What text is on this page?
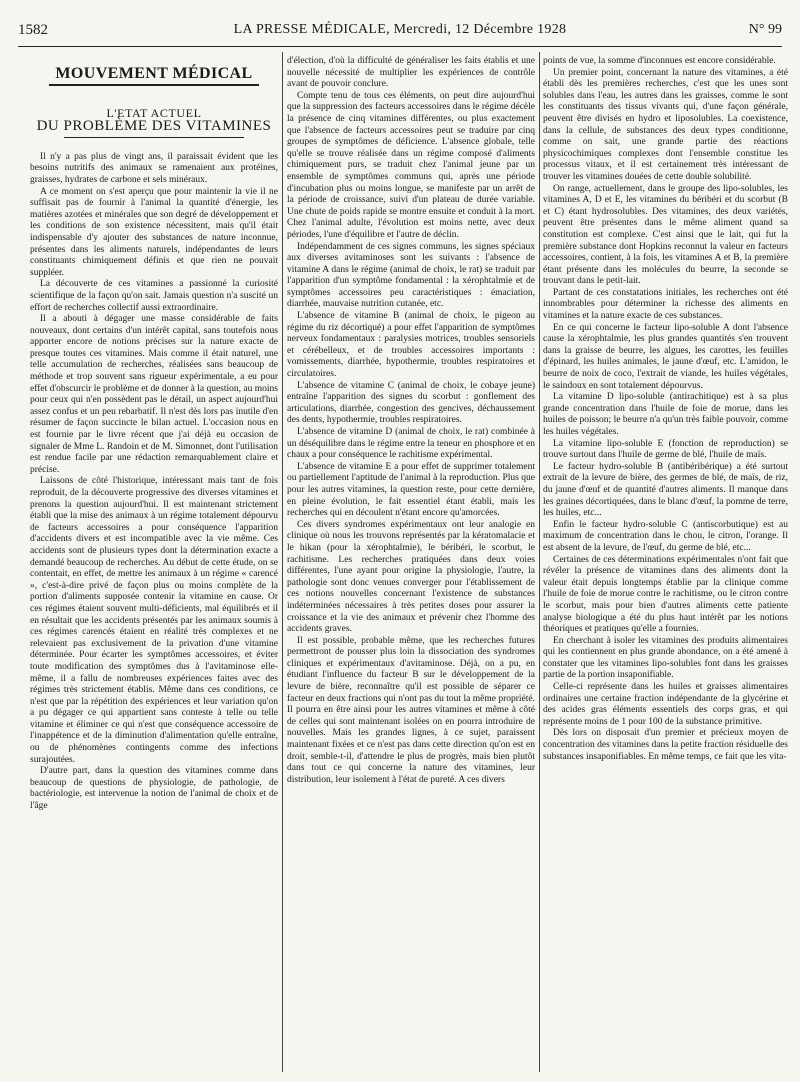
1582	LA PRESSE MÉDICALE, Mercredi, 12 Décembre 1928	N° 99
MOUVEMENT MÉDICAL
L'ETAT ACTUEL
DU PROBLÈME DES VITAMINES

Il n'y a pas plus de vingt ans, il paraissait évident que les besoins nutritifs des animaux se ramenaient aux protéines, graisses, hydrates de carbone et sels minéraux.

A ce moment on s'est aperçu que pour maintenir la vie il ne suffisait pas de fournir à l'animal la quantité d'énergie, les matières azotées et minérales que son degré de développement et les conditions de son existence nécessitent, mais qu'il était indispensable d'y ajouter des substances de nature inconnue, présentes dans les aliments naturels, indépendantes de leurs constituants chimiquement définis et que rien ne pouvait suppléer.

La découverte de ces vitamines a passionné la curiosité scientifique de la façon qu'on sait. Jamais question n'a suscité un effort de recherches collectif aussi extraordinaire.

Il a abouti à dégager une masse considérable de faits nouveaux, dont certains d'un intérêt capital, sans toutefois nous apporter encore de notions précises sur la nature exacte de presque toutes ces vitamines. Mais comme il était naturel, une telle accumulation de recherches, réalisées sans beaucoup de méthode et trop souvent sans rigueur expérimentale, a eu pour effet d'obscurcir le problème et de donner à la question, au moins pour ceux qui n'en possèdent pas le détail, un aspect aujourd'hui assez confus et un peu rebarbatif. Il n'est dès lors pas inutile d'en résumer de façon succincte le bilan actuel. L'occasion nous en est fournie par le livre récent que j'ai déjà eu occasion de signaler de Mme L. Randoin et de M. Simonnet, dont l'utilisation est rendue facile par une rédaction remarquablement claire et précise.

Laissons de côté l'historique, intéressant mais tant de fois reproduit, de la découverte progressive des diverses vitamines et prenons la question aujourd'hui. Il est maintenant strictement établi que la mise des animaux à un régime totalement dépourvu de facteurs accessoires a pour conséquence l'apparition d'accidents divers et est incompatible avec la vie même. Ces accidents sont de plusieurs types dont la détermination exacte a demandé beaucoup de recherches. Au début de cette étude, on se contentait, en effet, de mettre les animaux à un régime « carencé », c'est-à-dire privé de façon plus ou moins complète de la portion d'aliments supposée contenir la vitamine en cause. Or ces régimes étaient souvent multi-déficients, mal équilibrés et il en résultait que les accidents présentés par les animaux soumis à ces régimes carencés étaient en réalité très complexes et ne relevaient pas exclusivement de la privation d'une vitamine déterminée. Pour écarter les symptômes accessoires, et éviter toute modification des symptômes dus à l'avitaminose elle-même, il a fallu de nombreuses expériences faites avec des régimes très strictement établis. Même dans ces conditions, ce n'est que par la répétition des expériences et leur variation qu'on a pu dégager ce qui appartient sans conteste à telle ou telle vitamine et éliminer ce qui n'est que conséquence accessoire de l'inappétence et de la diminution d'alimentation qu'elle entraîne, ou de phénomènes contingents comme des infections surajoutées.

D'autre part, dans la question des vitamines comme dans beaucoup de questions de physiologie, de pathologie, de bactériologie, est intervenue la notion de l'animal de choix et de l'âge

d'élection, d'où la difficulté de généraliser les faits établis et une nouvelle nécessité de multiplier les expériences de contrôle avant de pouvoir conclure.

Compte tenu de tous ces éléments, on peut dire aujourd'hui que la suppression des facteurs accessoires dans le régime décèle la présence de cinq vitamines différentes, ou plus exactement que l'absence de facteurs accessoires peut se traduire par cinq groupes de symptômes de déficience. L'absence globale, telle qu'elle se trouve réalisée dans un régime composé d'aliments chimiquement purs, se traduit chez l'animal jeune par un ensemble de symptômes communs qui, après une période d'incubation plus ou moins longue, se manifeste par un arrêt de la période de croissance, suivi d'un plateau de durée variable. Une chute de poids rapide se montre ensuite et conduit à la mort. Chez l'animal adulte, l'évolution est moins nette, avec deux périodes, l'une d'équilibre et l'autre de déclin.

Indépendamment de ces signes communs, les signes spéciaux aux diverses avitaminoses sont les suivants : l'absence de vitamine A dans le régime (animal de choix, le rat) se traduit par l'apparition d'un symptôme fondamental : la xérophtalmie et de symptômes accessoires peu caractéristiques : émaciation, diarrhée, mauvaise nutrition cutanée, etc.

L'absence de vitamine B (animal de choix, le pigeon au régime du riz décortiqué) a pour effet l'apparition de symptômes nerveux fondamentaux : paralysies motrices, troubles sensoriels et cérébelleux, et de troubles accessoires importants : vomissements, diarrhée, hypothermie, troubles respiratoires et circulatoires.

L'absence de vitamine C (animal de choix, le cobaye jeune) entraîne l'apparition des signes du scorbut : gonflement des articulations, diarrhée, congestion des gencives, déchaussement des dents, hypothermie, troubles respiratoires.

L'absence de vitamine D (animal de choix, le rat) combinée à un déséquilibre dans le régime entre la teneur en phosphore et en chaux a pour conséquence le rachitisme expérimental.

L'absence de vitamine E a pour effet de supprimer totalement ou partiellement l'aptitude de l'animal à la reproduction. Plus que pour les autres vitamines, la question reste, pour cette dernière, en pleine évolution, le fait essentiel étant établi, mais les recherches qui en découlent n'étant encore qu'amorcées.

Ces divers syndromes expérimentaux ont leur analogie en clinique où nous les trouvons représentés par la kératomalacie et le hikan (pour la xérophtalmie), le béribéri, le scorbut, le rachitisme. Les recherches pratiquées dans deux voies différentes, l'une ayant pour origine la physiologie, l'autre, la pathologie sont donc venues converger pour l'établissement de ces notions nouvelles concernant l'existence de substances indéterminées nécessaires à très petites doses pour assurer la croissance et la vie des animaux et prévenir chez l'homme des accidents graves.

Il est possible, probable même, que les recherches futures permettront de pousser plus loin la dissociation des syndromes cliniques et expérimentaux d'avitaminose. Déjà, on a pu, en étudiant l'influence du facteur B sur le développement de la levure de bière, reconnaître qu'il est possible de séparer ce facteur en deux fractions qui n'ont pas du tout la même propriété. Il pourra en être ainsi pour les autres vitamines et même à côté de celles qui sont maintenant isolées on en pourra introduire de nouvelles. Mais les grandes lignes, à ce sujet, paraissent maintenant fixées et ce n'est pas dans cette direction qu'on est en droit, semble-t-il, d'attendre le plus de progrès, mais bien plutôt dans tout ce qui concerne la nature des vitamines, leur distribution, leur isolement à l'état de pureté. A ces divers

points de vue, la somme d'inconnues est encore considérable.

Un premier point, concernant la nature des vitamines, a été établi dès les premières recherches, c'est que les unes sont solubles dans l'eau, les autres dans les graisses, comme le sont les constituants des tissus vivants qui, d'une façon générale, peuvent être divisés en hydro et liposolubles. La coexistence, dans la cellule, de substances des deux types conditionne, comme on sait, une grande partie des réactions physicochimiques complexes dont l'ensemble constitue les processus vitaux, et il est certainement très intéressant de trouver les vitamines douées de cette double solubilité.

On range, actuellement, dans le groupe des lipo-solubles, les vitamines A, D et E, les vitamines du béribéri et du scorbut (B et C) étant hydrosolubles. Des vitamines, des deux variétés, peuvent être présentes dans le même aliment quand sa constitution est complexe. C'est ainsi que le lait, qui fut la première substance dont Hopkins reconnut la valeur en facteurs accessoires, contient, à la fois, les vitamines A et B, la première étant présente dans les molécules du beurre, la seconde se trouvant dans le petit-lait.

Partant de ces constatations initiales, les recherches ont été innombrables pour déterminer la richesse des aliments en vitamines et la nature exacte de ces substances.

En ce qui concerne le facteur lipo-soluble A dont l'absence cause la xérophtalmie, les plus grandes quantités s'en trouvent dans la graisse de beurre, les algues, les carottes, les feuilles d'épinard, les huiles animales, le jaune d'œuf, etc. L'amidon, le beurre de noix de coco, l'extrait de viande, les huiles végétales, le saindoux en sont totalement dépourvus.

La vitamine D lipo-soluble (antirachitique) est à sa plus grande concentration dans l'huile de foie de morue, dans les huiles de poisson; le beurre n'a qu'un très faible pouvoir, comme les huiles végétales.

La vitamine lipo-soluble E (fonction de reproduction) se trouve surtout dans l'huile de germe de blé, l'huile de maïs.

Le facteur hydro-soluble B (antibéribérique) a été surtout extrait de la levure de bière, des germes de blé, de maïs, de riz, du jaune d'œuf et de quantité d'autres aliments. Il manque dans les graines décortiquées, dans le blanc d'œuf, la pomme de terre, les huiles, etc...

Enfin le facteur hydro-soluble C (antiscorbutique) est au maximum de concentration dans le chou, le citron, l'orange. Il est absent de la levure, de l'œuf, du germe de blé, etc...

Certaines de ces déterminations expérimentales n'ont fait que révéler la présence de vitamines dans des aliments dont la valeur était depuis longtemps établie par la clinique comme l'huile de foie de morue contre le rachitisme, ou le citron contre le scorbut, mais pour bien d'autres aliments cette patiente analyse biologique a été du plus haut intérêt par les notions théoriques et pratiques qu'elle a fournies.

En cherchant à isoler les vitamines des produits alimentaires qui les contiennent en plus grande abondance, on a été amené à constater que les vitamines lipo-solubles font dans les graisses partie de la portion insaponifiable.

Celle-ci représente dans les huiles et graisses alimentaires ordinaires une certaine fraction indépendante de la glycérine et des acides gras éléments essentiels des corps gras, et qui représente moins de 1 pour 100 de la substance primitive.

Dès lors on disposait d'un premier et précieux moyen de concentration des vitamines dans la petite fraction résiduelle des substances insaponifiables. En même temps, ce fait que les vita-
